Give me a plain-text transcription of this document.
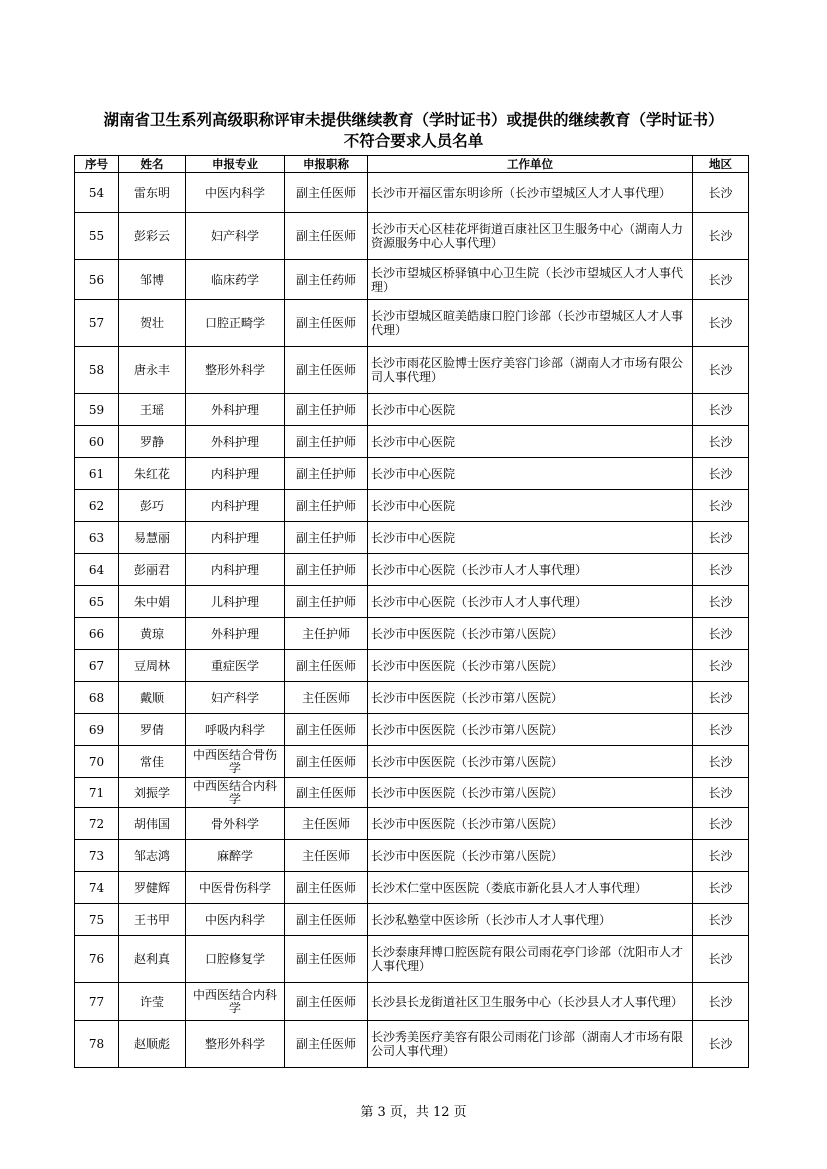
湖南省卫生系列高级职称评审未提供继续教育（学时证书）或提供的继续教育（学时证书）
不符合要求人员名单
序号	姓名	申报专业	申报职称	工作单位	地区
54	雷东明	中医内科学	副主任医师	长沙市开福区雷东明诊所（长沙市望城区人才人事代理）	长沙
55	彭彩云	妇产科学	副主任医师	长沙市天心区桂花坪街道百康社区卫生服务中心（湖南人力资源服务中心人事代理）	长沙
56	邹博	临床药学	副主任药师	长沙市望城区桥驿镇中心卫生院（长沙市望城区人才人事代理）	长沙
57	贺壮	口腔正畸学	副主任医师	长沙市望城区暄美皓康口腔门诊部（长沙市望城区人才人事代理）	长沙
58	唐永丰	整形外科学	副主任医师	长沙市雨花区脸博士医疗美容门诊部（湖南人才市场有限公司人事代理）	长沙
59	王瑶	外科护理	副主任护师	长沙市中心医院	长沙
60	罗静	外科护理	副主任护师	长沙市中心医院	长沙
61	朱红花	内科护理	副主任护师	长沙市中心医院	长沙
62	彭巧	内科护理	副主任护师	长沙市中心医院	长沙
63	易慧丽	内科护理	副主任护师	长沙市中心医院	长沙
64	彭丽君	内科护理	副主任护师	长沙市中心医院（长沙市人才人事代理）	长沙
65	朱中娟	儿科护理	副主任护师	长沙市中心医院（长沙市人才人事代理）	长沙
66	黄琼	外科护理	主任护师	长沙市中医医院（长沙市第八医院）	长沙
67	豆周林	重症医学	副主任医师	长沙市中医医院（长沙市第八医院）	长沙
68	戴顺	妇产科学	主任医师	长沙市中医医院（长沙市第八医院）	长沙
69	罗倩	呼吸内科学	副主任医师	长沙市中医医院（长沙市第八医院）	长沙
70	常佳	中西医结合骨伤学	副主任医师	长沙市中医医院（长沙市第八医院）	长沙
71	刘振学	中西医结合内科学	副主任医师	长沙市中医医院（长沙市第八医院）	长沙
72	胡伟国	骨外科学	主任医师	长沙市中医医院（长沙市第八医院）	长沙
73	邹志鸿	麻醉学	主任医师	长沙市中医医院（长沙市第八医院）	长沙
74	罗健辉	中医骨伤科学	副主任医师	长沙术仁堂中医医院（娄底市新化县人才人事代理）	长沙
75	王书甲	中医内科学	副主任医师	长沙私塾堂中医诊所（长沙市人才人事代理）	长沙
76	赵利真	口腔修复学	副主任医师	长沙泰康拜博口腔医院有限公司雨花亭门诊部（沈阳市人才人事代理）	长沙
77	许莹	中西医结合内科学	副主任医师	长沙县长龙街道社区卫生服务中心（长沙县人才人事代理）	长沙
78	赵顺彪	整形外科学	副主任医师	长沙秀美医疗美容有限公司雨花门诊部（湖南人才市场有限公司人事代理）	长沙
第 3 页，共 12 页
